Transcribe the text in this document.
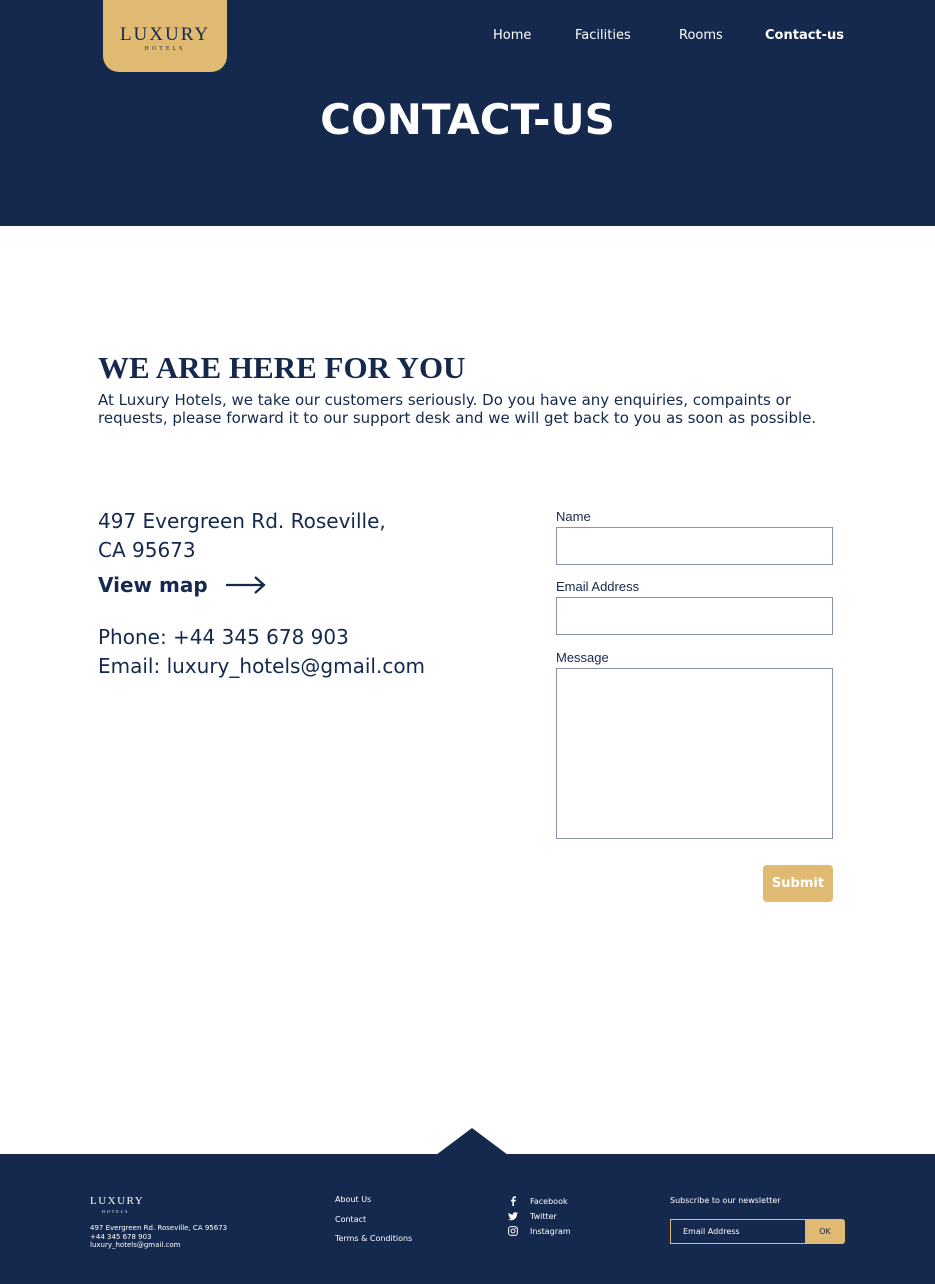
LUXURY
HOTELS
Home	Facilities	Rooms	Contact-us
CONTACT-US
WE ARE HERE FOR YOU

At Luxury Hotels, we take our customers seriously. Do you have any enquiries, compaints or requests, please forward it to our support desk and we will get back to you as soon as possible.

497 Evergreen Rd. Roseville,
CA 95673
View map
Phone: +44 345 678 903
Email: luxury_hotels@gmail.com
Name
Email Address
Message
Submit
LUXURY
HOTELS
497 Evergreen Rd. Roseville, CA 95673
+44 345 678 903
luxury_hotels@gmail.com
About Us
Contact
Terms & Conditions
Facebook
Twitter
Instagram
Subscribe to our newsletter
Email Address
OK
